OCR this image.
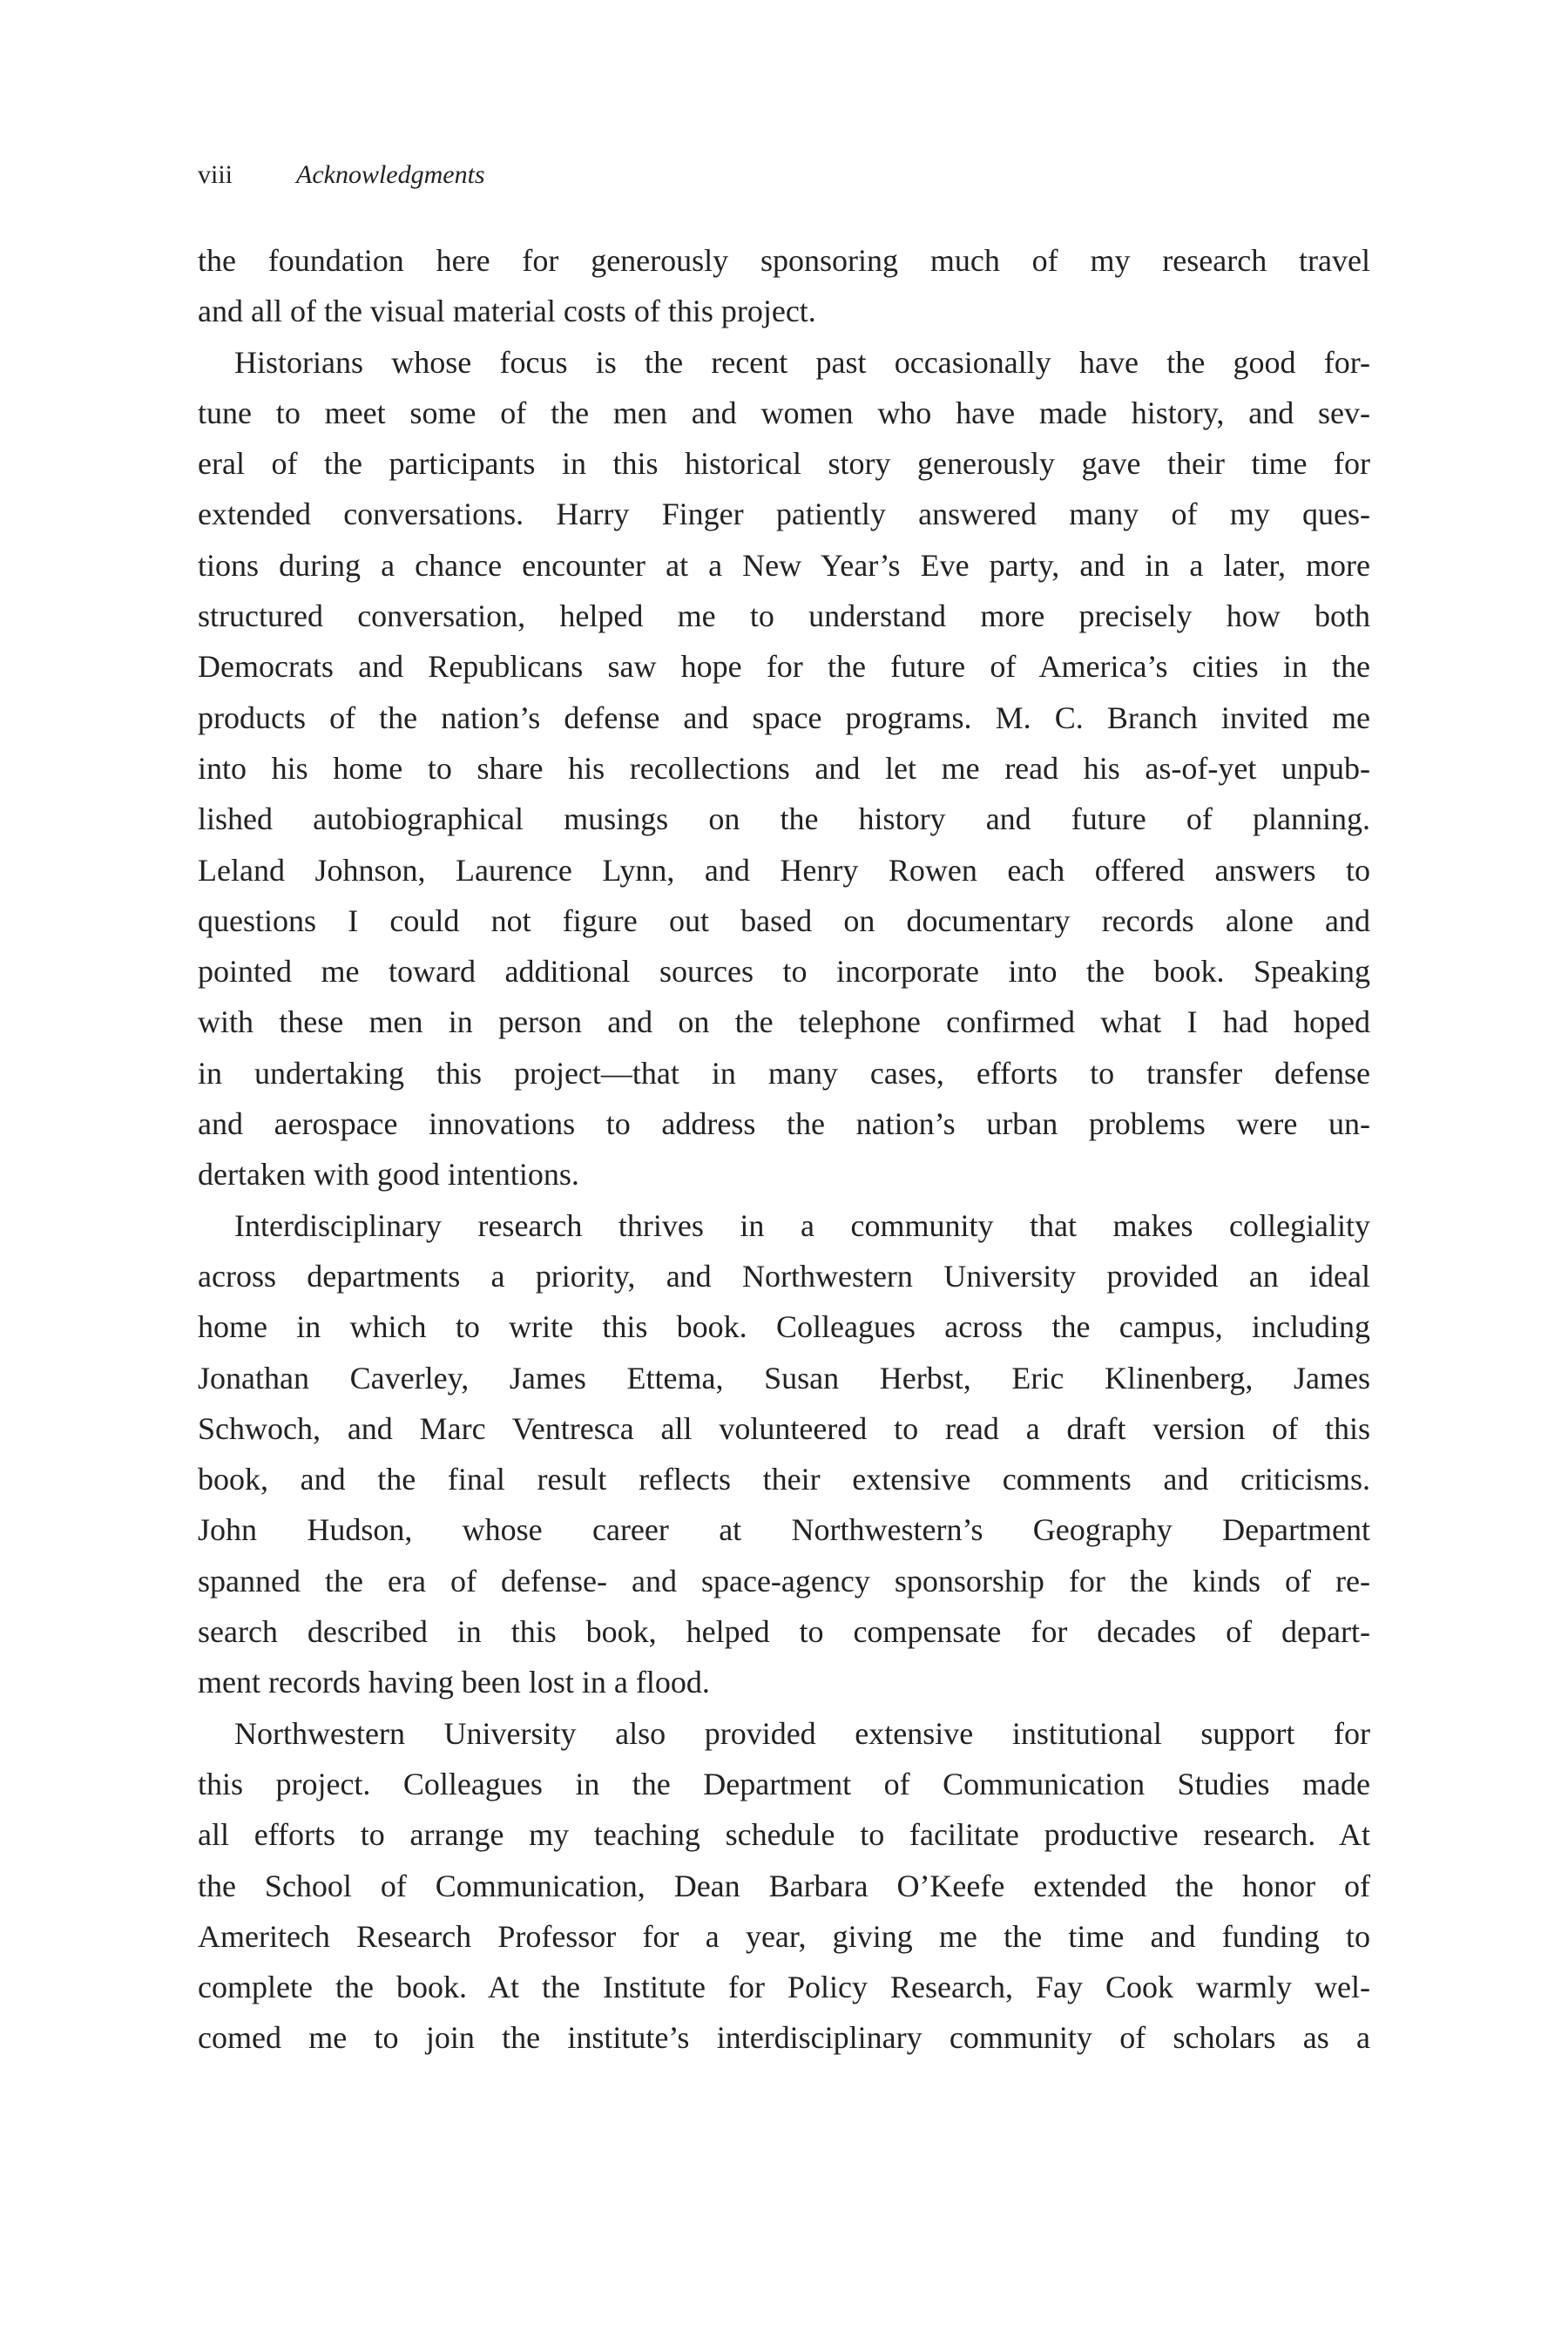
viii Acknowledgments
the foundation here for generously sponsoring much of my research travel
and all of the visual material costs of this project.
Historians whose focus is the recent past occasionally have the good for-
tune to meet some of the men and women who have made history, and sev-
eral of the participants in this historical story generously gave their time for
extended conversations. Harry Finger patiently answered many of my ques-
tions during a chance encounter at a New Year’s Eve party, and in a later, more
structured conversation, helped me to understand more precisely how both
Democrats and Republicans saw hope for the future of America’s cities in the
products of the nation’s defense and space programs. M. C. Branch invited me
into his home to share his recollections and let me read his as-of-yet unpub-
lished autobiographical musings on the history and future of planning.
Leland Johnson, Laurence Lynn, and Henry Rowen each offered answers to
questions I could not figure out based on documentary records alone and
pointed me toward additional sources to incorporate into the book. Speaking
with these men in person and on the telephone confirmed what I had hoped
in undertaking this project—that in many cases, efforts to transfer defense
and aerospace innovations to address the nation’s urban problems were un-
dertaken with good intentions.
Interdisciplinary research thrives in a community that makes collegiality
across departments a priority, and Northwestern University provided an ideal
home in which to write this book. Colleagues across the campus, including
Jonathan Caverley, James Ettema, Susan Herbst, Eric Klinenberg, James
Schwoch, and Marc Ventresca all volunteered to read a draft version of this
book, and the final result reflects their extensive comments and criticisms.
John Hudson, whose career at Northwestern’s Geography Department
spanned the era of defense- and space-agency sponsorship for the kinds of re-
search described in this book, helped to compensate for decades of depart-
ment records having been lost in a flood.
Northwestern University also provided extensive institutional support for
this project. Colleagues in the Department of Communication Studies made
all efforts to arrange my teaching schedule to facilitate productive research. At
the School of Communication, Dean Barbara O’Keefe extended the honor of
Ameritech Research Professor for a year, giving me the time and funding to
complete the book. At the Institute for Policy Research, Fay Cook warmly wel-
comed me to join the institute’s interdisciplinary community of scholars as a
